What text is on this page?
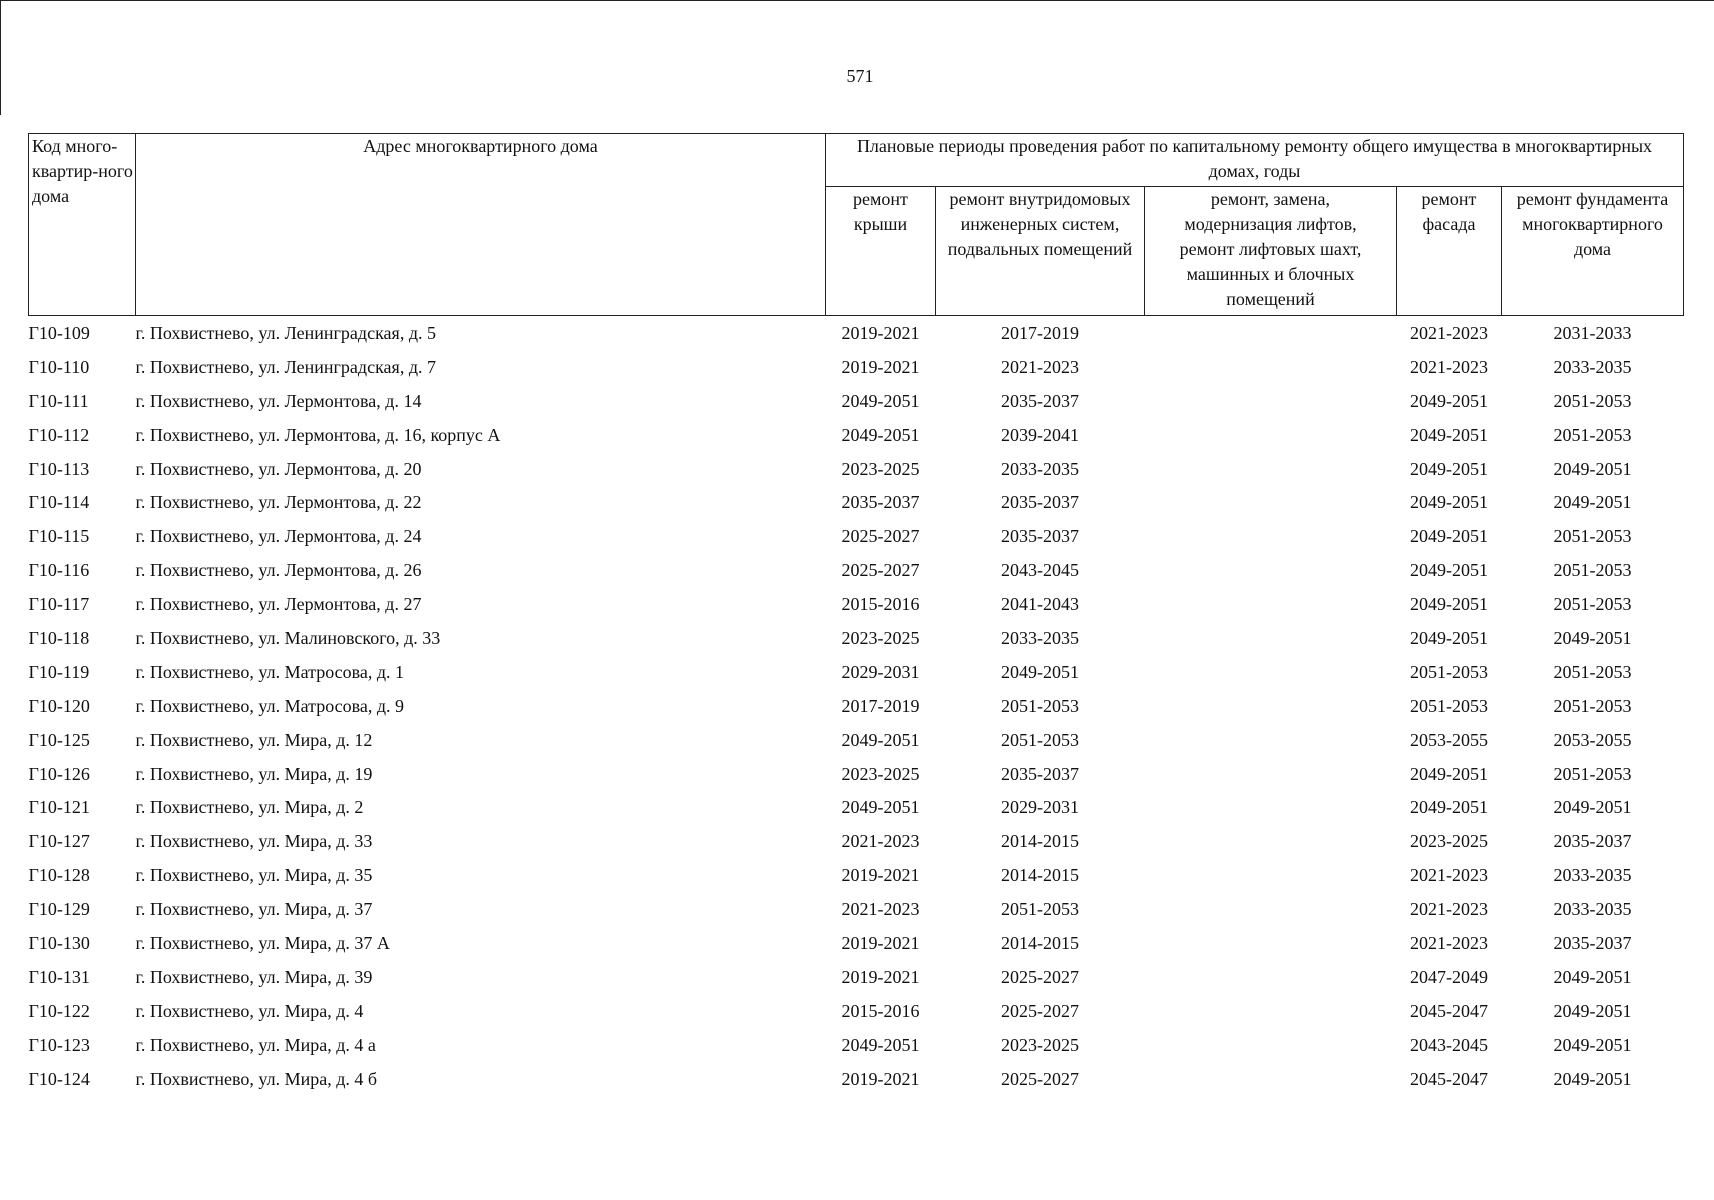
571
Код много-квартир-ного дома	Адрес многоквартирного дома	Плановые периоды проведения работ по капитальному ремонту общего имущества в многоквартирных домах, годы				
		ремонт крыши	ремонт внутридомовых инженерных систем, подвальных помещений	ремонт, замена, модернизация лифтов, ремонт лифтовых шахт, машинных и блочных помещений	ремонт фасада	ремонт фундамента многоквартирного дома
Г10-109	г. Похвистнево, ул. Ленинградская, д. 5	2019-2021	2017-2019		2021-2023	2031-2033
Г10-110	г. Похвистнево, ул. Ленинградская, д. 7	2019-2021	2021-2023		2021-2023	2033-2035
Г10-111	г. Похвистнево, ул. Лермонтова, д. 14	2049-2051	2035-2037		2049-2051	2051-2053
Г10-112	г. Похвистнево, ул. Лермонтова, д. 16, корпус А	2049-2051	2039-2041		2049-2051	2051-2053
Г10-113	г. Похвистнево, ул. Лермонтова, д. 20	2023-2025	2033-2035		2049-2051	2049-2051
Г10-114	г. Похвистнево, ул. Лермонтова, д. 22	2035-2037	2035-2037		2049-2051	2049-2051
Г10-115	г. Похвистнево, ул. Лермонтова, д. 24	2025-2027	2035-2037		2049-2051	2051-2053
Г10-116	г. Похвистнево, ул. Лермонтова, д. 26	2025-2027	2043-2045		2049-2051	2051-2053
Г10-117	г. Похвистнево, ул. Лермонтова, д. 27	2015-2016	2041-2043		2049-2051	2051-2053
Г10-118	г. Похвистнево, ул. Малиновского, д. 33	2023-2025	2033-2035		2049-2051	2049-2051
Г10-119	г. Похвистнево, ул. Матросова, д. 1	2029-2031	2049-2051		2051-2053	2051-2053
Г10-120	г. Похвистнево, ул. Матросова, д. 9	2017-2019	2051-2053		2051-2053	2051-2053
Г10-125	г. Похвистнево, ул. Мира, д. 12	2049-2051	2051-2053		2053-2055	2053-2055
Г10-126	г. Похвистнево, ул. Мира, д. 19	2023-2025	2035-2037		2049-2051	2051-2053
Г10-121	г. Похвистнево, ул. Мира, д. 2	2049-2051	2029-2031		2049-2051	2049-2051
Г10-127	г. Похвистнево, ул. Мира, д. 33	2021-2023	2014-2015		2023-2025	2035-2037
Г10-128	г. Похвистнево, ул. Мира, д. 35	2019-2021	2014-2015		2021-2023	2033-2035
Г10-129	г. Похвистнево, ул. Мира, д. 37	2021-2023	2051-2053		2021-2023	2033-2035
Г10-130	г. Похвистнево, ул. Мира, д. 37 А	2019-2021	2014-2015		2021-2023	2035-2037
Г10-131	г. Похвистнево, ул. Мира, д. 39	2019-2021	2025-2027		2047-2049	2049-2051
Г10-122	г. Похвистнево, ул. Мира, д. 4	2015-2016	2025-2027		2045-2047	2049-2051
Г10-123	г. Похвистнево, ул. Мира, д. 4 а	2049-2051	2023-2025		2043-2045	2049-2051
Г10-124	г. Похвистнево, ул. Мира, д. 4 б	2019-2021	2025-2027		2045-2047	2049-2051
